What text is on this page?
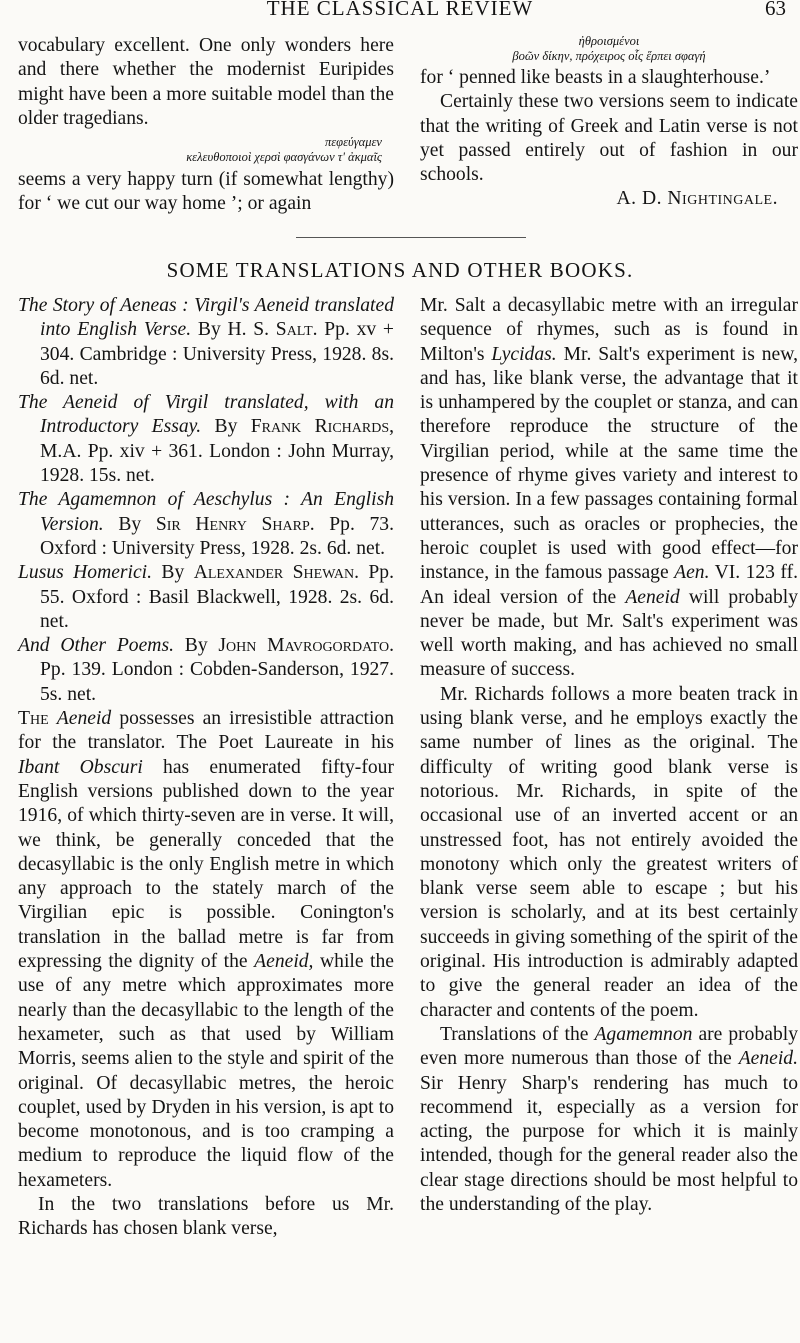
THE CLASSICAL REVIEW	63

vocabulary excellent. One only wonders here and there whether the modernist Euripides might have been a more suitable model than the older tragedians.

πεφεύγαμεν
κελευθοποιοὶ χερσὶ φασγάνων τ' ἀκμαῖς

seems a very happy turn (if somewhat lengthy) for ‘ we cut our way home ’; or again

ἠθροισμένοι
βοῶν δίκην, πρόχειρος οἷς ἕρπει σφαγή

for ‘ penned like beasts in a slaughterhouse.’

Certainly these two versions seem to indicate that the writing of Greek and Latin verse is not yet passed entirely out of fashion in our schools.

A. D. Nightingale.
SOME TRANSLATIONS AND OTHER BOOKS.

The Story of Aeneas : Virgil's Aeneid translated into English Verse. By H. S. Salt. Pp. xv + 304. Cambridge : University Press, 1928. 8s. 6d. net.

The Aeneid of Virgil translated, with an Introductory Essay. By Frank Richards, M.A. Pp. xiv + 361. London : John Murray, 1928. 15s. net.

The Agamemnon of Aeschylus : An English Version. By Sir Henry Sharp. Pp. 73. Oxford : University Press, 1928. 2s. 6d. net.

Lusus Homerici. By Alexander Shewan. Pp. 55. Oxford : Basil Blackwell, 1928. 2s. 6d. net.

And Other Poems. By John Mavrogordato. Pp. 139. London : Cobden-Sanderson, 1927. 5s. net.

The Aeneid possesses an irresistible attraction for the translator. The Poet Laureate in his Ibant Obscuri has enumerated fifty-four English versions published down to the year 1916, of which thirty-seven are in verse. It will, we think, be generally conceded that the decasyllabic is the only English metre in which any approach to the stately march of the Virgilian epic is possible. Conington's translation in the ballad metre is far from expressing the dignity of the Aeneid, while the use of any metre which approximates more nearly than the decasyllabic to the length of the hexameter, such as that used by William Morris, seems alien to the style and spirit of the original. Of decasyllabic metres, the heroic couplet, used by Dryden in his version, is apt to become monotonous, and is too cramping a medium to reproduce the liquid flow of the hexameters.

In the two translations before us Mr. Richards has chosen blank verse,

Mr. Salt a decasyllabic metre with an irregular sequence of rhymes, such as is found in Milton's Lycidas. Mr. Salt's experiment is new, and has, like blank verse, the advantage that it is unhampered by the couplet or stanza, and can therefore reproduce the structure of the Virgilian period, while at the same time the presence of rhyme gives variety and interest to his version. In a few passages containing formal utterances, such as oracles or prophecies, the heroic couplet is used with good effect—for instance, in the famous passage Aen. VI. 123 ff. An ideal version of the Aeneid will probably never be made, but Mr. Salt's experiment was well worth making, and has achieved no small measure of success.

Mr. Richards follows a more beaten track in using blank verse, and he employs exactly the same number of lines as the original. The difficulty of writing good blank verse is notorious. Mr. Richards, in spite of the occasional use of an inverted accent or an unstressed foot, has not entirely avoided the monotony which only the greatest writers of blank verse seem able to escape ; but his version is scholarly, and at its best certainly succeeds in giving something of the spirit of the original. His introduction is admirably adapted to give the general reader an idea of the character and contents of the poem.

Translations of the Agamemnon are probably even more numerous than those of the Aeneid. Sir Henry Sharp's rendering has much to recommend it, especially as a version for acting, the purpose for which it is mainly intended, though for the general reader also the clear stage directions should be most helpful to the understanding of the play.
